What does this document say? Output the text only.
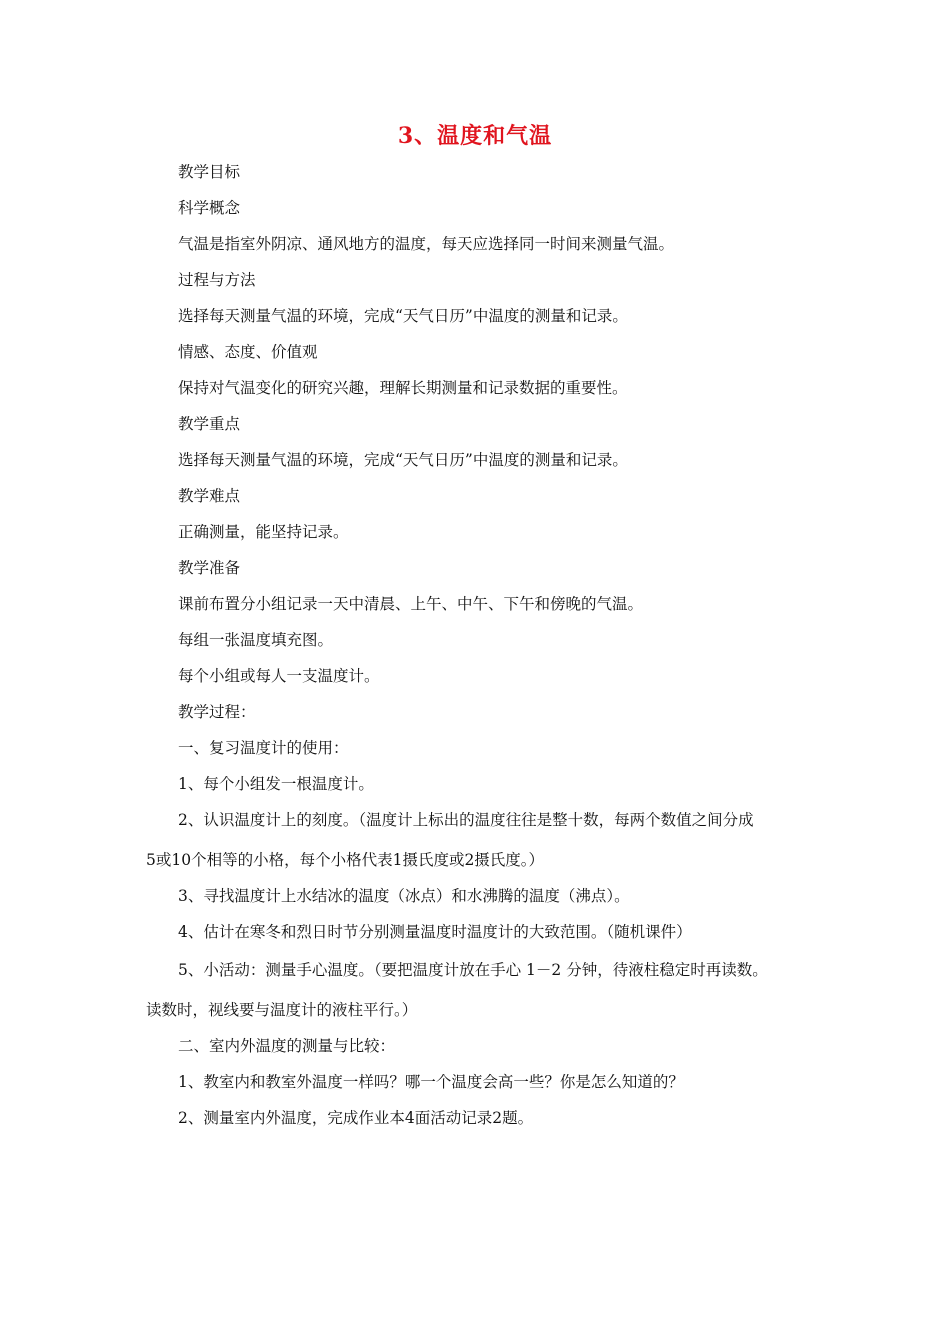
3、温度和气温
教学目标
科学概念
气温是指室外阴凉、通风地方的温度，每天应选择同一时间来测量气温。
过程与方法
选择每天测量气温的环境，完成“天气日历”中温度的测量和记录。
情感、态度、价值观
保持对气温变化的研究兴趣，理解长期测量和记录数据的重要性。
教学重点
选择每天测量气温的环境，完成“天气日历”中温度的测量和记录。
教学难点
正确测量，能坚持记录。
教学准备
课前布置分小组记录一天中清晨、上午、中午、下午和傍晚的气温。
每组一张温度填充图。
每个小组或每人一支温度计。
教学过程：
一、复习温度计的使用：
1、每个小组发一根温度计。
2、认识温度计上的刻度。（温度计上标出的温度往往是整十数，每两个数值之间分成
5或10个相等的小格，每个小格代表1摄氏度或2摄氏度。）
3、寻找温度计上水结冰的温度（冰点）和水沸腾的温度（沸点）。
4、估计在寒冬和烈日时节分别测量温度时温度计的大致范围。（随机课件）
5、小活动：测量手心温度。（要把温度计放在手心 1－2 分钟，待液柱稳定时再读数。
读数时，视线要与温度计的液柱平行。）
二、室内外温度的测量与比较：
1、教室内和教室外温度一样吗？哪一个温度会高一些？你是怎么知道的？
2、测量室内外温度，完成作业本4面活动记录2题。
